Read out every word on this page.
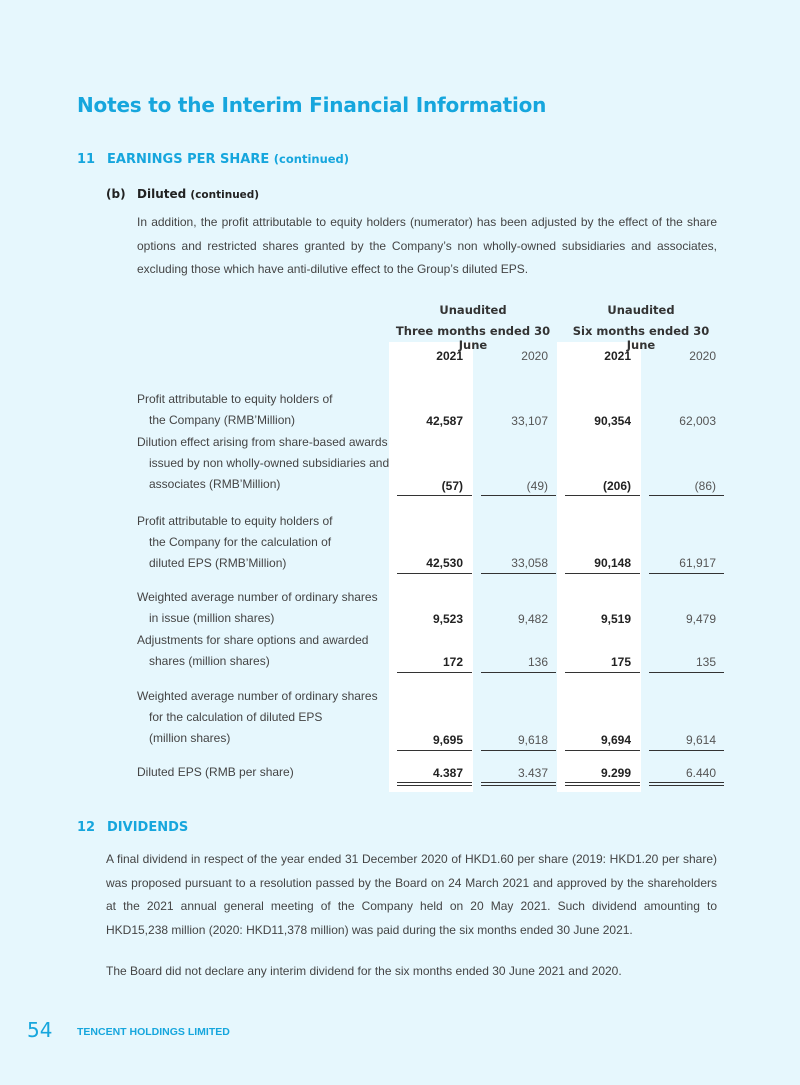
Notes to the Interim Financial Information
11 EARNINGS PER SHARE (continued)
(b) Diluted (continued)
In addition, the profit attributable to equity holders (numerator) has been adjusted by the effect of the share options and restricted shares granted by the Company’s non wholly-owned subsidiaries and associates, excluding those which have anti-dilutive effect to the Group’s diluted EPS.
Unaudited
Three months ended 30 June
Unaudited
Six months ended 30 June
2021	2020	2021	2020
Profit attributable to equity holders of
the Company (RMB’Million)	42,587	33,107	90,354	62,003
Dilution effect arising from share-based awards
issued by non wholly-owned subsidiaries and
associates (RMB’Million)	(57)	(49)	(206)	(86)
Profit attributable to equity holders of
the Company for the calculation of
diluted EPS (RMB’Million)	42,530	33,058	90,148	61,917
Weighted average number of ordinary shares
in issue (million shares)	9,523	9,482	9,519	9,479
Adjustments for share options and awarded
shares (million shares)	172	136	175	135
Weighted average number of ordinary shares
for the calculation of diluted EPS
(million shares)	9,695	9,618	9,694	9,614
Diluted EPS (RMB per share)	4.387	3.437	9.299	6.440
12 DIVIDENDS
A final dividend in respect of the year ended 31 December 2020 of HKD1.60 per share (2019: HKD1.20 per share) was proposed pursuant to a resolution passed by the Board on 24 March 2021 and approved by the shareholders at the 2021 annual general meeting of the Company held on 20 May 2021. Such dividend amounting to HKD15,238 million (2020: HKD11,378 million) was paid during the six months ended 30 June 2021.
The Board did not declare any interim dividend for the six months ended 30 June 2021 and 2020.
54 TENCENT HOLDINGS LIMITED
